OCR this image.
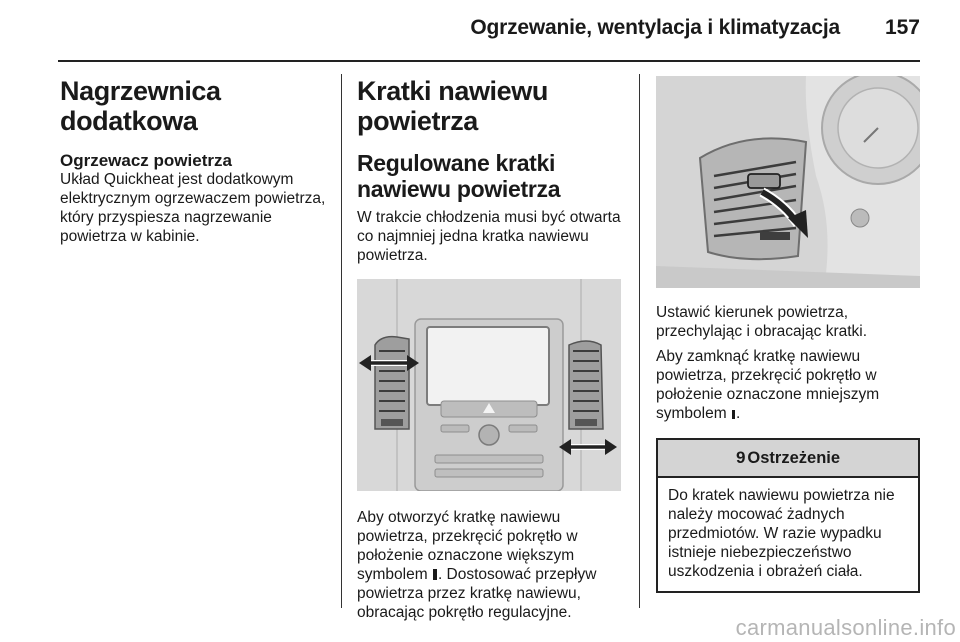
Ogrzewanie, wentylacja i klimatyzacja 157
Nagrzewnica dodatkowa
Ogrzewacz powietrza

Układ Quickheat jest dodatkowym elektrycznym ogrzewaczem powietrza, który przyspiesza nagrzewanie powietrza w kabinie.

Kratki nawiewu powietrza
Regulowane kratki nawiewu powietrza

W trakcie chłodzenia musi być otwarta co najmniej jedna kratka nawiewu powietrza.

Aby otworzyć kratkę nawiewu powietrza, przekręcić pokrętło w położenie oznaczone większym symbolem . Dostosować przepływ powietrza przez kratkę nawiewu, obracając pokrętło regulacyjne.

Ustawić kierunek powietrza, przechylając i obracając kratki.

Aby zamknąć kratkę nawiewu powietrza, przekręcić pokrętło w położenie oznaczone mniejszym symbolem .

9 Ostrzeżenie

Do kratek nawiewu powietrza nie należy mocować żadnych przedmiotów. W razie wypadku istnieje niebezpieczeństwo uszkodzenia i obrażeń ciała.

carmanualsonline.info
